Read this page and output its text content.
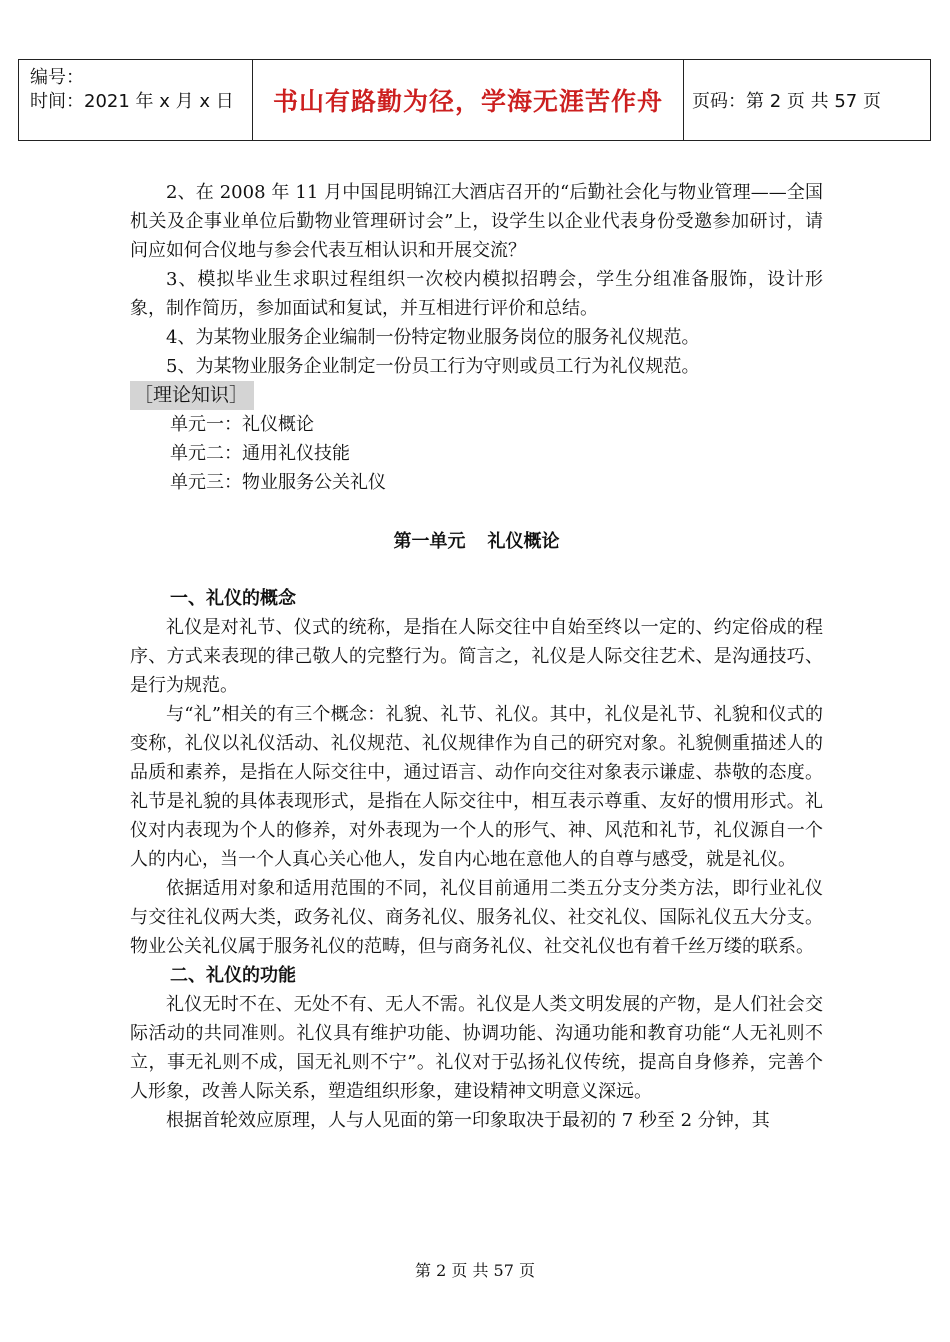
编号：
时间：2021 年 x 月 x 日	书山有路勤为径，学海无涯苦作舟	页码：第 2 页 共 57 页

2、在 2008 年 11 月中国昆明锦江大酒店召开的“后勤社会化与物业管理——全国机关及企事业单位后勤物业管理研讨会”上，设学生以企业代表身份受邀参加研讨，请问应如何合仪地与参会代表互相认识和开展交流？

3、模拟毕业生求职过程组织一次校内模拟招聘会，学生分组准备服饰，设计形象，制作简历，参加面试和复试，并互相进行评价和总结。

4、为某物业服务企业编制一份特定物业服务岗位的服务礼仪规范。

5、为某物业服务企业制定一份员工行为守则或员工行为礼仪规范。

［理论知识］
单元一：礼仪概论
单元二：通用礼仪技能
单元三：物业服务公关礼仪
第一单元 礼仪概论
一、礼仪的概念

礼仪是对礼节、仪式的统称，是指在人际交往中自始至终以一定的、约定俗成的程序、方式来表现的律己敬人的完整行为。简言之，礼仪是人际交往艺术、是沟通技巧、是行为规范。

与“礼”相关的有三个概念：礼貌、礼节、礼仪。其中，礼仪是礼节、礼貌和仪式的变称，礼仪以礼仪活动、礼仪规范、礼仪规律作为自己的研究对象。礼貌侧重描述人的品质和素养，是指在人际交往中，通过语言、动作向交往对象表示谦虚、恭敬的态度。礼节是礼貌的具体表现形式，是指在人际交往中，相互表示尊重、友好的惯用形式。礼仪对内表现为个人的修养，对外表现为一个人的形气、神、风范和礼节，礼仪源自一个人的内心，当一个人真心关心他人，发自内心地在意他人的自尊与感受，就是礼仪。

依据适用对象和适用范围的不同，礼仪目前通用二类五分支分类方法，即行业礼仪与交往礼仪两大类，政务礼仪、商务礼仪、服务礼仪、社交礼仪、国际礼仪五大分支。物业公关礼仪属于服务礼仪的范畴，但与商务礼仪、社交礼仪也有着千丝万缕的联系。

二、礼仪的功能

礼仪无时不在、无处不有、无人不需。礼仪是人类文明发展的产物，是人们社会交际活动的共同准则。礼仪具有维护功能、协调功能、沟通功能和教育功能“人无礼则不立，事无礼则不成，国无礼则不宁”。礼仪对于弘扬礼仪传统，提高自身修养，完善个人形象，改善人际关系，塑造组织形象，建设精神文明意义深远。

根据首轮效应原理，人与人见面的第一印象取决于最初的 7 秒至 2 分钟，其

第 2 页 共 57 页
